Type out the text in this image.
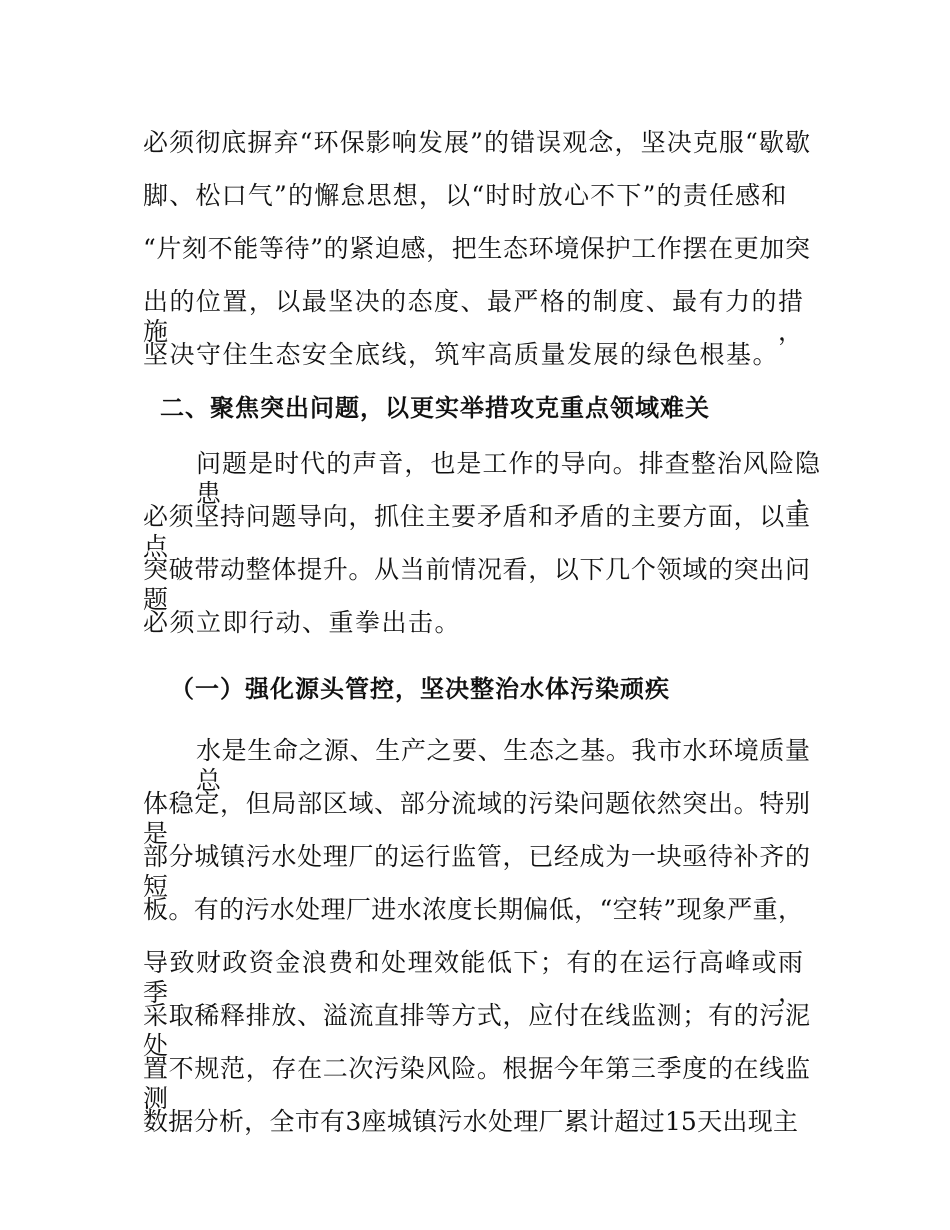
必须彻底摒弃“环保影响发展”的错误观念，坚决克服“歇歇
脚、松口气”的懈怠思想，以“时时放心不下”的责任感和
“片刻不能等待”的紧迫感，把生态环境保护工作摆在更加突
出的位置，以最坚决的态度、最严格的制度、最有力的措施，
坚决守住生态安全底线，筑牢高质量发展的绿色根基。
二、聚焦突出问题，以更实举措攻克重点领域难关
问题是时代的声音，也是工作的导向。排查整治风险隐患，
必须坚持问题导向，抓住主要矛盾和矛盾的主要方面，以重点
突破带动整体提升。从当前情况看，以下几个领域的突出问题
必须立即行动、重拳出击。
（一）强化源头管控，坚决整治水体污染顽疾
水是生命之源、生产之要、生态之基。我市水环境质量总
体稳定，但局部区域、部分流域的污染问题依然突出。特别是
部分城镇污水处理厂的运行监管，已经成为一块亟待补齐的短
板。有的污水处理厂进水浓度长期偏低，“空转”现象严重，
导致财政资金浪费和处理效能低下；有的在运行高峰或雨季，
采取稀释排放、溢流直排等方式，应付在线监测；有的污泥处
置不规范，存在二次污染风险。根据今年第三季度的在线监测
数据分析，全市有3座城镇污水处理厂累计超过15天出现主
